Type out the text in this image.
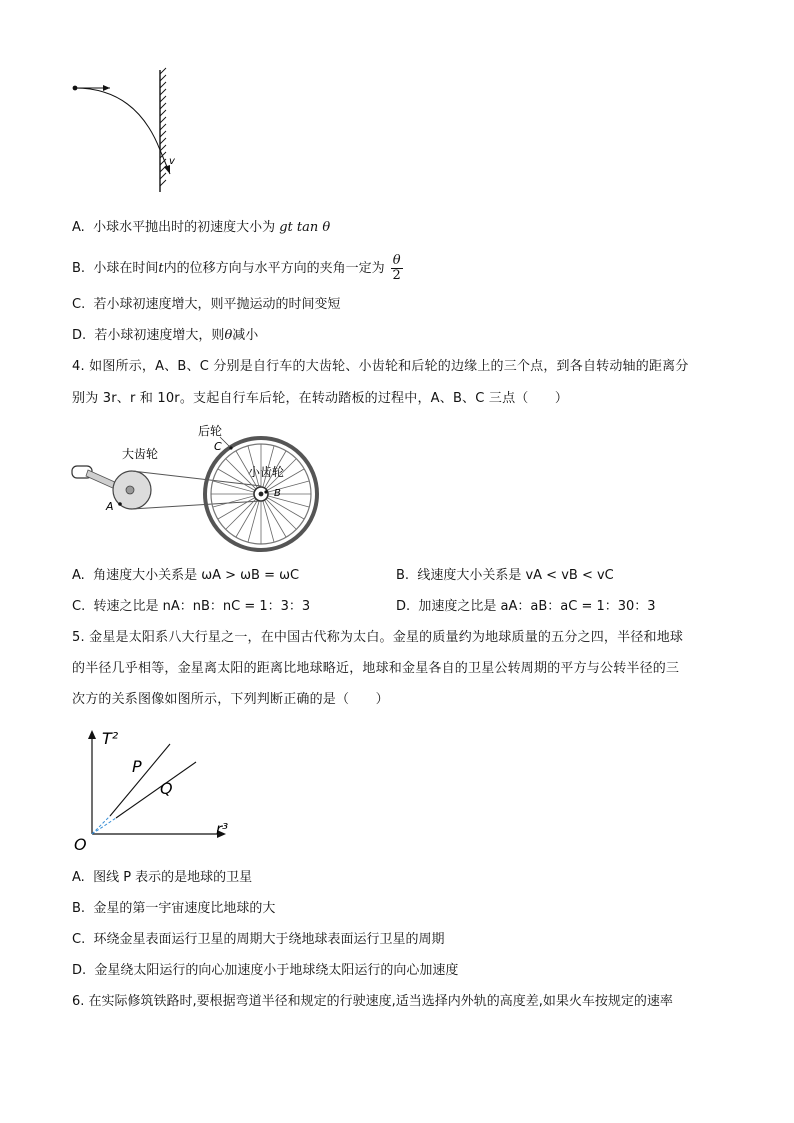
v
A. 小球水平抛出时的初速度大小为 gt tan θ
B. 小球在时间t内的位移方向与水平方向的夹角一定为 $\frac{\theta}{2}$
C. 若小球初速度增大，则平抛运动的时间变短
D. 若小球初速度增大，则θ减小
4. 如图所示，A、B、C 分别是自行车的大齿轮、小齿轮和后轮的边缘上的三个点，到各自转动轴的距离分
别为 3r、r 和 10r。支起自行车后轮，在转动踏板的过程中，A、B、C 三点（　　）
后轮
C
大齿轮
小齿轮
B
A
A. 角速度大小关系是 ωA > ωB = ωC	B. 线速度大小关系是 vA < vB < vC
C. 转速之比是 nA：nB：nC = 1：3：3	D. 加速度之比是 aA：aB：aC = 1：30：3
5. 金星是太阳系八大行星之一，在中国古代称为太白。金星的质量约为地球质量的五分之四，半径和地球
的半径几乎相等，金星离太阳的距离比地球略近，地球和金星各自的卫星公转周期的平方与公转半径的三
次方的关系图像如图所示，下列判断正确的是（　　）
T²
r³
O
P
Q
A. 图线 P 表示的是地球的卫星
B. 金星的第一宇宙速度比地球的大
C. 环绕金星表面运行卫星的周期大于绕地球表面运行卫星的周期
D. 金星绕太阳运行的向心加速度小于地球绕太阳运行的向心加速度
6. 在实际修筑铁路时,要根据弯道半径和规定的行驶速度,适当选择内外轨的高度差,如果火车按规定的速率
